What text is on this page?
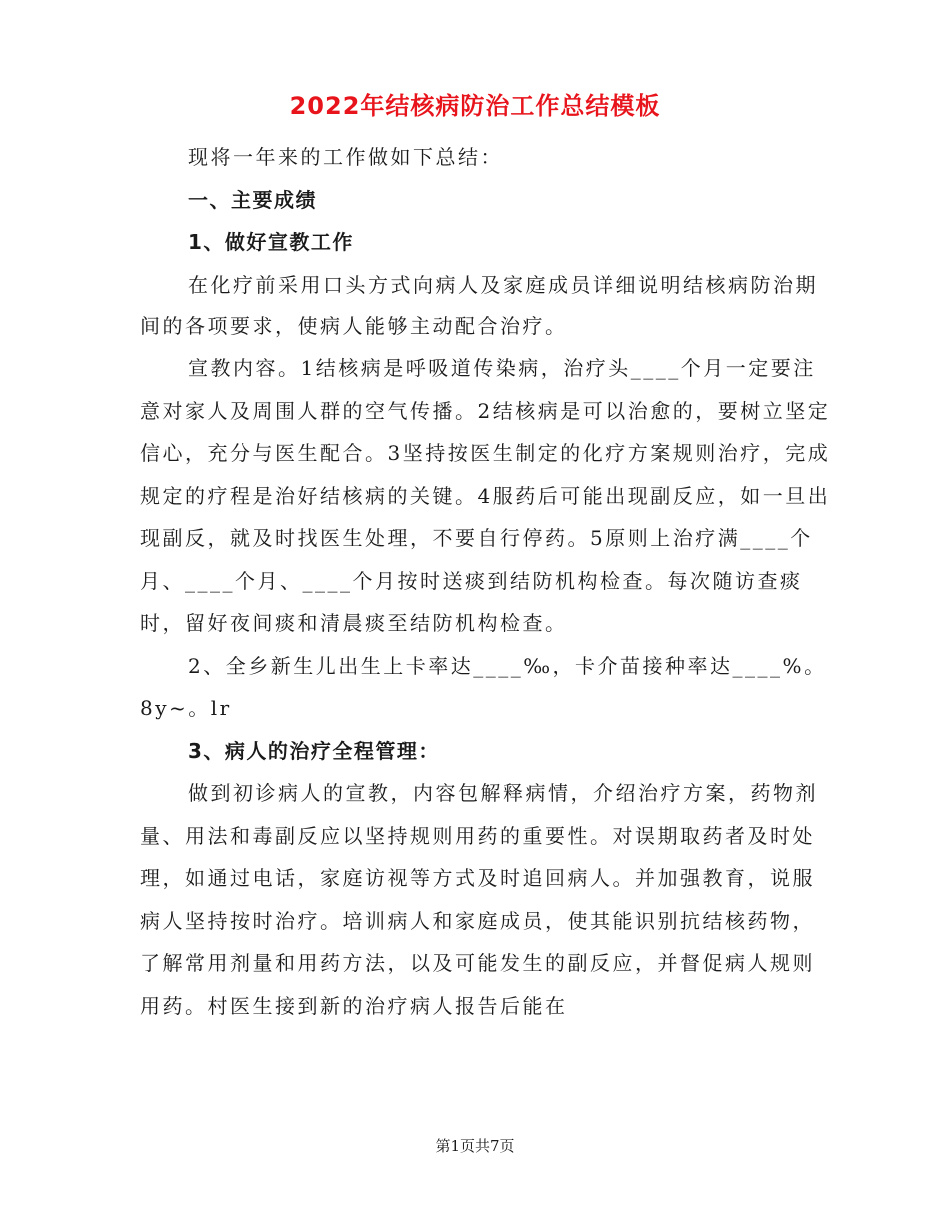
2022年结核病防治工作总结模板
现将一年来的工作做如下总结：
一、主要成绩
1、做好宣教工作
在化疗前采用口头方式向病人及家庭成员详细说明结核病防治期
间的各项要求，使病人能够主动配合治疗。
宣教内容。1结核病是呼吸道传染病，治疗头____个月一定要注
意对家人及周围人群的空气传播。2结核病是可以治愈的，要树立坚定
信心，充分与医生配合。3坚持按医生制定的化疗方案规则治疗，完成
规定的疗程是治好结核病的关键。4服药后可能出现副反应，如一旦出
现副反，就及时找医生处理，不要自行停药。5原则上治疗满____个
月、____个月、____个月按时送痰到结防机构检查。每次随访查痰
时，留好夜间痰和清晨痰至结防机构检查。
2、全乡新生儿出生上卡率达____‰，卡介苗接种率达____%。
8y~。lr
3、病人的治疗全程管理：
做到初诊病人的宣教，内容包解释病情，介绍治疗方案，药物剂
量、用法和毒副反应以坚持规则用药的重要性。对误期取药者及时处
理，如通过电话，家庭访视等方式及时追回病人。并加强教育，说服
病人坚持按时治疗。培训病人和家庭成员，使其能识别抗结核药物，
了解常用剂量和用药方法，以及可能发生的副反应，并督促病人规则
用药。村医生接到新的治疗病人报告后能在
第1页共7页
